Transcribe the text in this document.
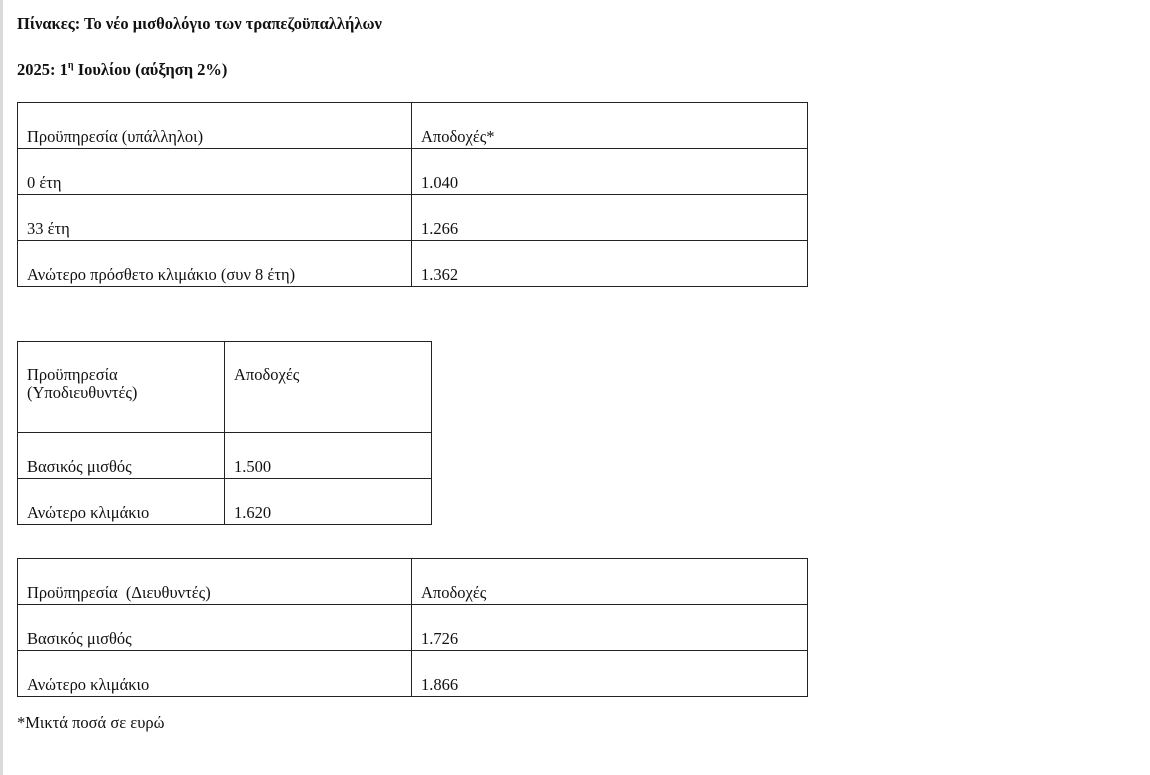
Πίνακες: Το νέο μισθολόγιο των τραπεζοϋπαλλήλων
2025: $1^\eta$ Ιουλίου (αύξηση 2%)
Προϋπηρεσία (υπάλληλοι)	Αποδοχές*
0 έτη	1.040
33 έτη	1.266
Ανώτερο πρόσθετο κλιμάκιο (συν 8 έτη)	1.362
Προϋπηρεσία (Υποδιευθυντές)	Αποδοχές
Βασικός μισθός	1.500
Ανώτερο κλιμάκιο	1.620
Προϋπηρεσία  (Διευθυντές)	Αποδοχές
Βασικός μισθός	1.726
Ανώτερο κλιμάκιο	1.866
*Μικτά ποσά σε ευρώ
